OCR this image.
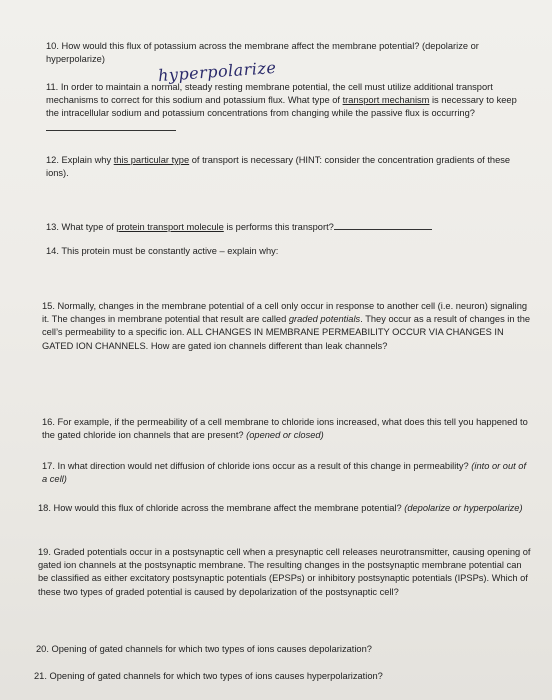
10. How would this flux of potassium across the membrane affect the membrane potential? (depolarize or hyperpolarize)	hyperpolarize
11. In order to maintain a normal, steady resting membrane potential, the cell must utilize additional transport mechanisms to correct for this sodium and potassium flux. What type of transport mechanism is necessary to keep the intracellular sodium and potassium concentrations from changing while the passive flux is occurring?
12. Explain why this particular type of transport is necessary (HINT: consider the concentration gradients of these ions).
13. What type of protein transport molecule is performs this transport?
14. This protein must be constantly active – explain why:
15. Normally, changes in the membrane potential of a cell only occur in response to another cell (i.e. neuron) signaling it. The changes in membrane potential that result are called graded potentials. They occur as a result of changes in the cell’s permeability to a specific ion. ALL CHANGES IN MEMBRANE PERMEABILITY OCCUR VIA CHANGES IN GATED ION CHANNELS. How are gated ion channels different than leak channels?
16. For example, if the permeability of a cell membrane to chloride ions increased, what does this tell you happened to the gated chloride ion channels that are present? (opened or closed)
17. In what direction would net diffusion of chloride ions occur as a result of this change in permeability? (into or out of a cell)
18. How would this flux of chloride across the membrane affect the membrane potential? (depolarize or hyperpolarize)
19. Graded potentials occur in a postsynaptic cell when a presynaptic cell releases neurotransmitter, causing opening of gated ion channels at the postsynaptic membrane. The resulting changes in the postsynaptic membrane potential can be classified as either excitatory postsynaptic potentials (EPSPs) or inhibitory postsynaptic potentials (IPSPs). Which of these two types of graded potential is caused by depolarization of the postsynaptic cell?
20. Opening of gated channels for which two types of ions causes depolarization?
21. Opening of gated channels for which two types of ions causes hyperpolarization?
